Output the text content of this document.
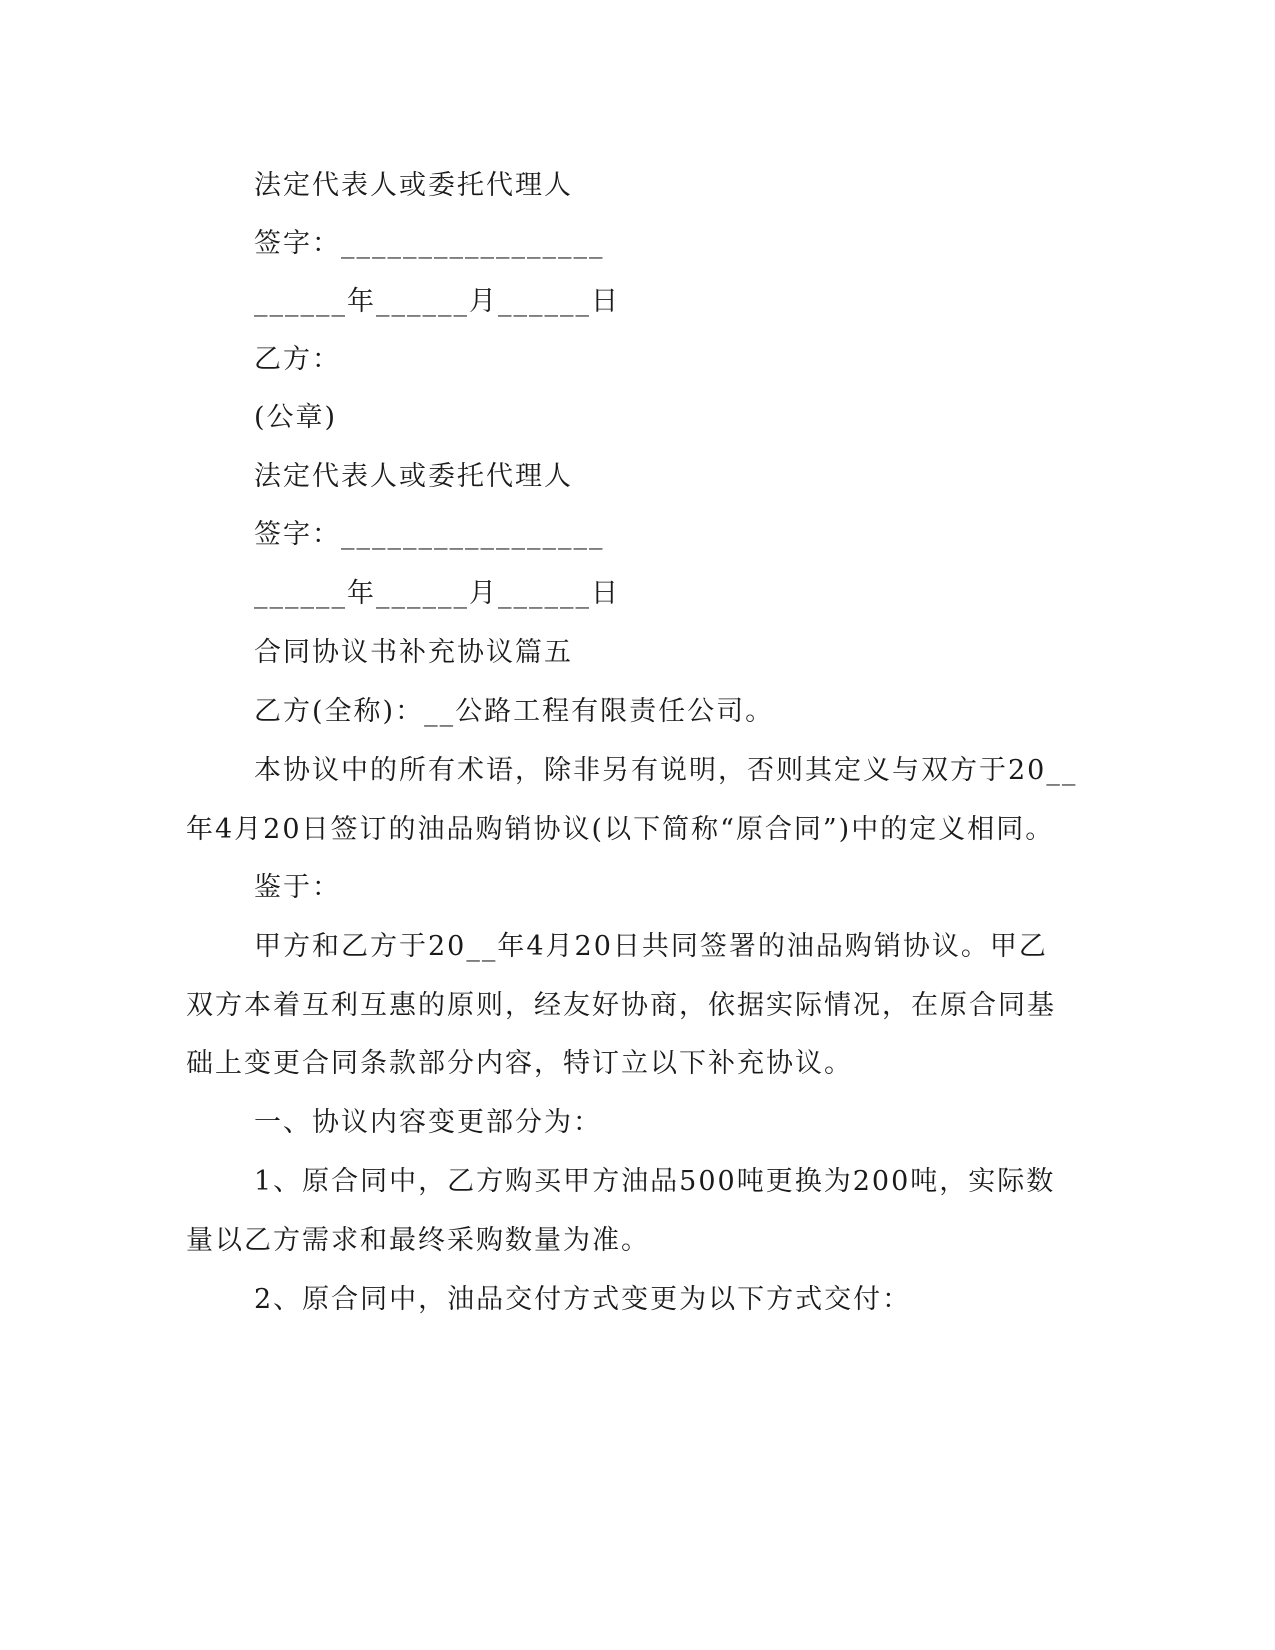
法定代表人或委托代理人
签字：_________________
______年______月______日
乙方：
(公章)
法定代表人或委托代理人
签字：_________________
______年______月______日
合同协议书补充协议篇五
乙方(全称)：__公路工程有限责任公司。
本协议中的所有术语，除非另有说明，否则其定义与双方于20__
年4月20日签订的油品购销协议(以下简称“原合同”)中的定义相同。
鉴于：
甲方和乙方于20__年4月20日共同签署的油品购销协议。甲乙
双方本着互利互惠的原则，经友好协商，依据实际情况，在原合同基
础上变更合同条款部分内容，特订立以下补充协议。
一、协议内容变更部分为：
1、原合同中，乙方购买甲方油品500吨更换为200吨，实际数
量以乙方需求和最终采购数量为准。
2、原合同中，油品交付方式变更为以下方式交付：
